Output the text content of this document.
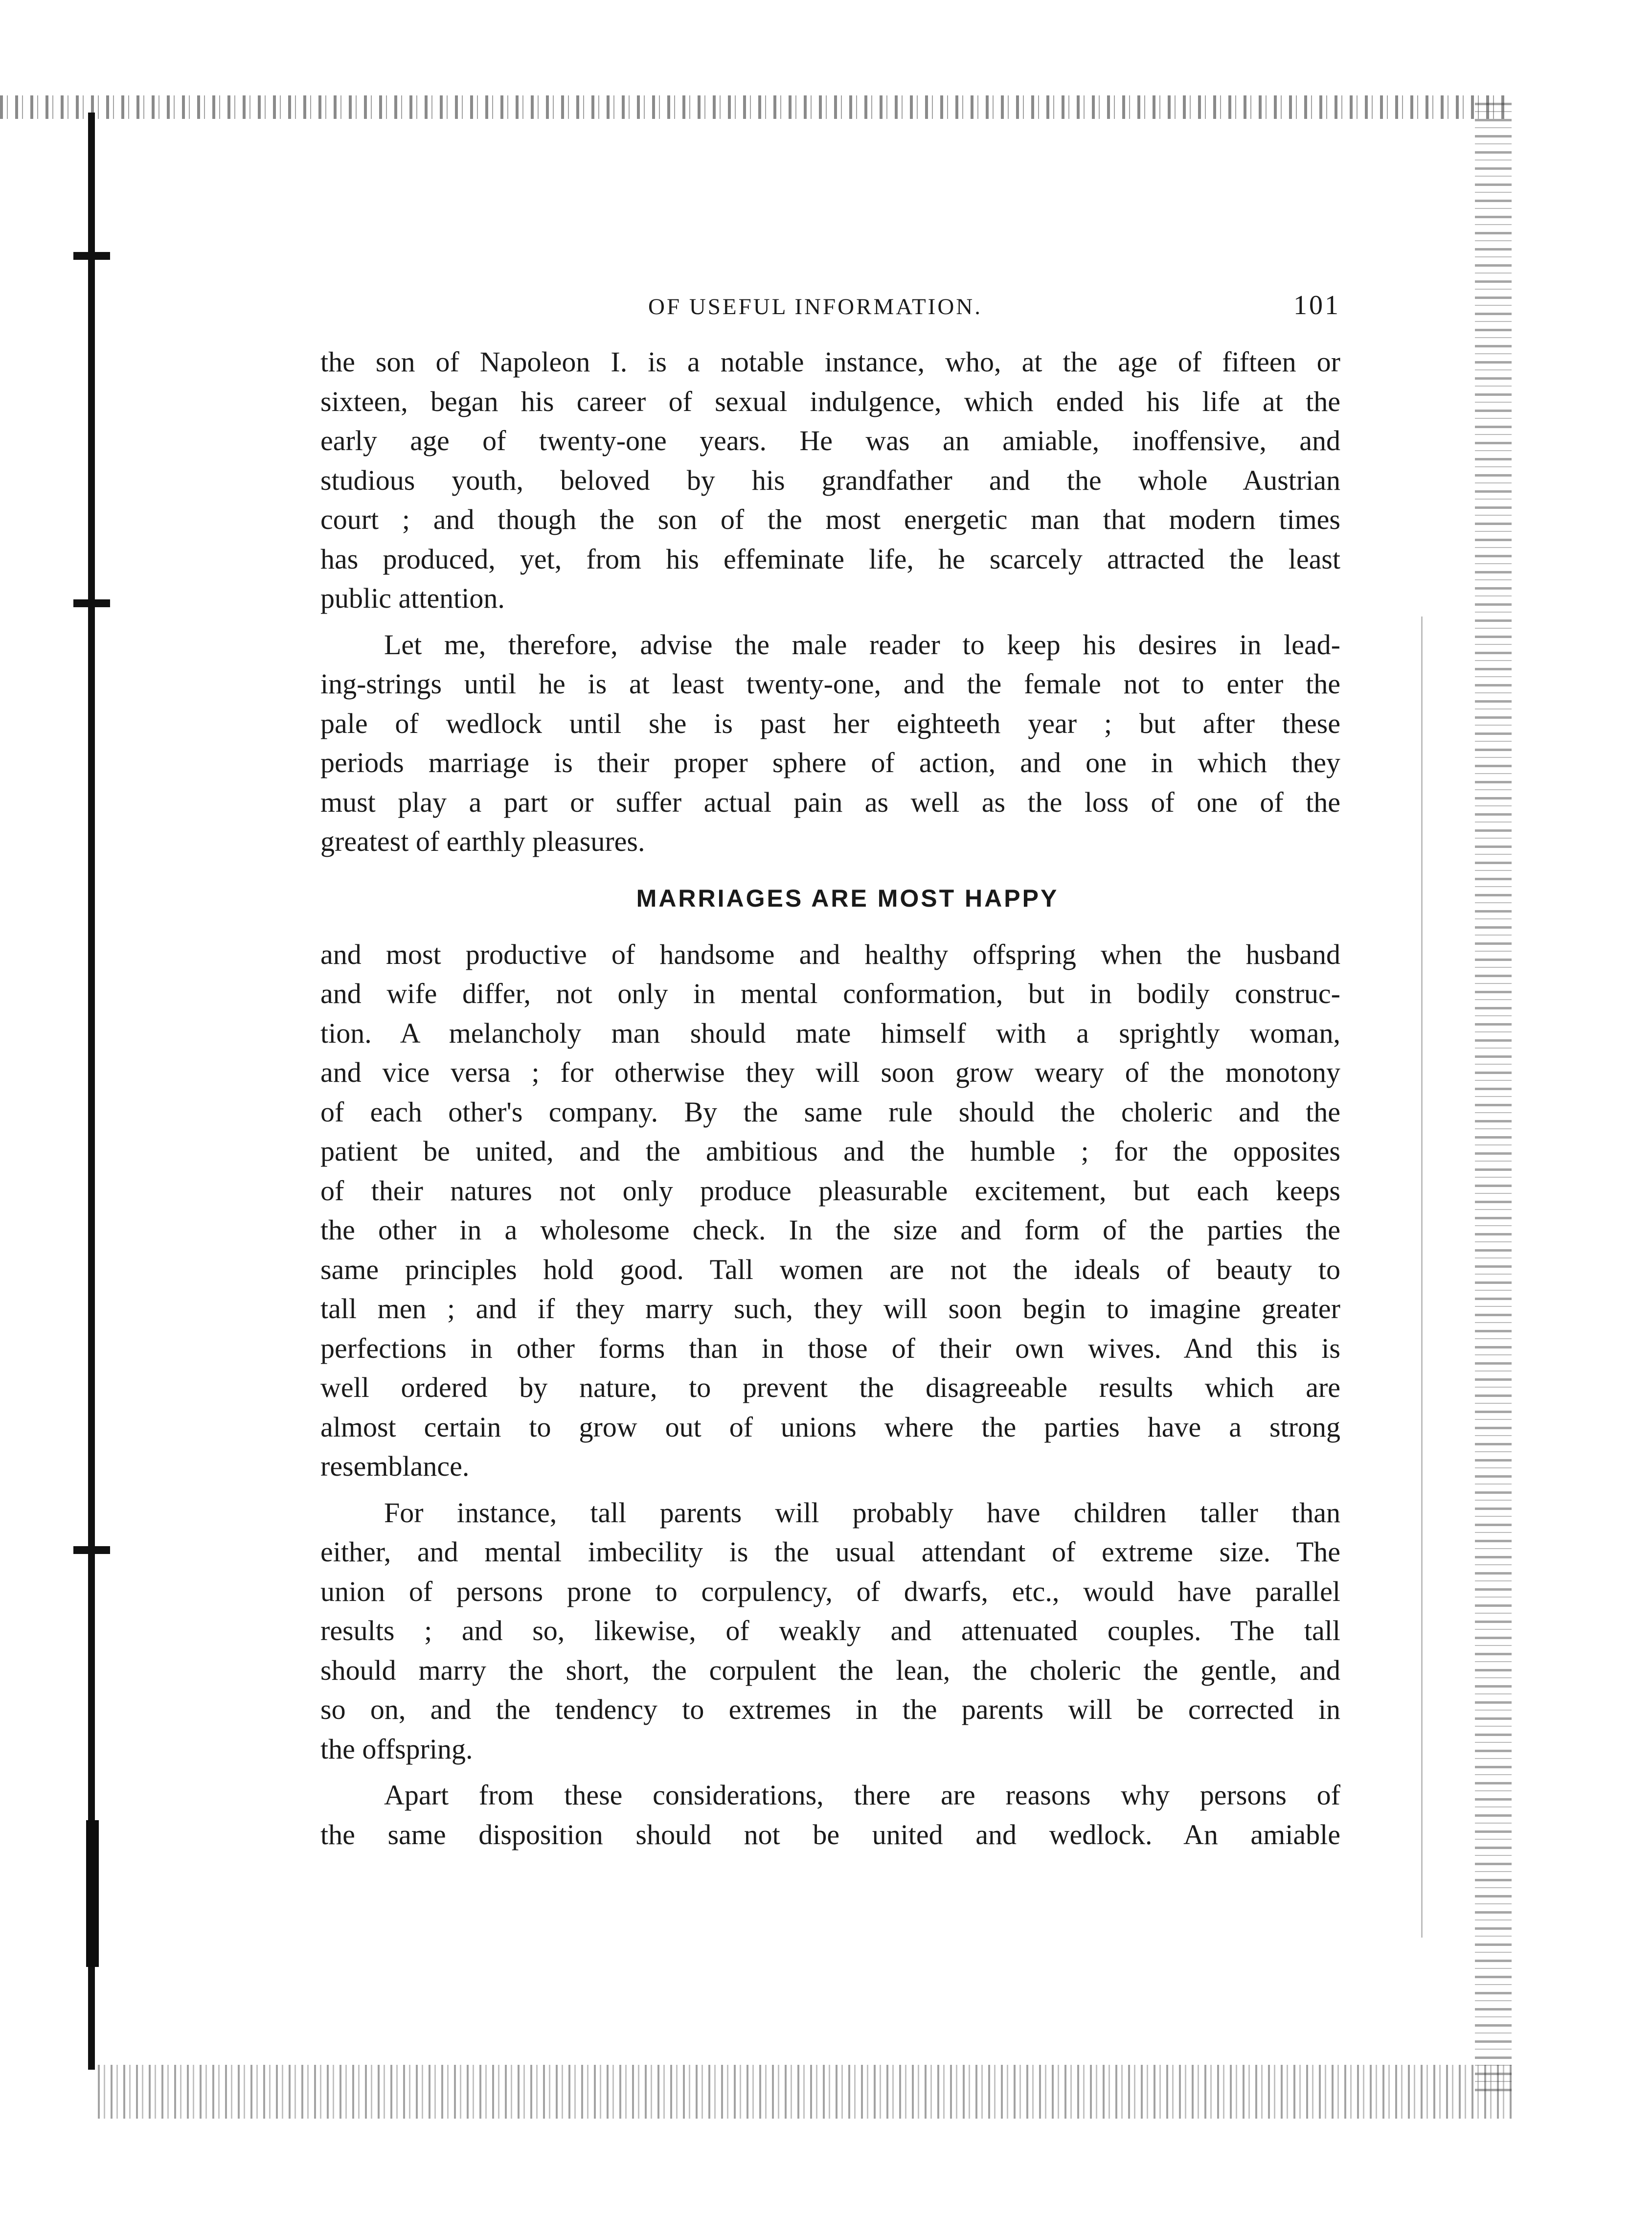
OF USEFUL INFORMATION.	101
the son of Napoleon I. is a notable instance, who, at the age of fifteen or
sixteen, began his career of sexual indulgence, which ended his life at the
early age of twenty-one years. He was an amiable, inoffensive, and
studious youth, beloved by his grandfather and the whole Austrian
court ; and though the son of the most energetic man that modern times
has produced, yet, from his effeminate life, he scarcely attracted the least
public attention.
Let me, therefore, advise the male reader to keep his desires in lead-
ing-strings until he is at least twenty-one, and the female not to enter the
pale of wedlock until she is past her eighteeth year ; but after these
periods marriage is their proper sphere of action, and one in which they
must play a part or suffer actual pain as well as the loss of one of the
greatest of earthly pleasures.
MARRIAGES ARE MOST HAPPY
and most productive of handsome and healthy offspring when the husband
and wife differ, not only in mental conformation, but in bodily construc-
tion. A melancholy man should mate himself with a sprightly woman,
and vice versa ; for otherwise they will soon grow weary of the monotony
of each other's company. By the same rule should the choleric and the
patient be united, and the ambitious and the humble ; for the opposites
of their natures not only produce pleasurable excitement, but each keeps
the other in a wholesome check. In the size and form of the parties the
same principles hold good. Tall women are not the ideals of beauty to
tall men ; and if they marry such, they will soon begin to imagine greater
perfections in other forms than in those of their own wives. And this is
well ordered by nature, to prevent the disagreeable results which are
almost certain to grow out of unions where the parties have a strong
resemblance.
For instance, tall parents will probably have children taller than
either, and mental imbecility is the usual attendant of extreme size. The
union of persons prone to corpulency, of dwarfs, etc., would have parallel
results ; and so, likewise, of weakly and attenuated couples. The tall
should marry the short, the corpulent the lean, the choleric the gentle, and
so on, and the tendency to extremes in the parents will be corrected in
the offspring.
Apart from these considerations, there are reasons why persons of
the same disposition should not be united and wedlock. An amiable
